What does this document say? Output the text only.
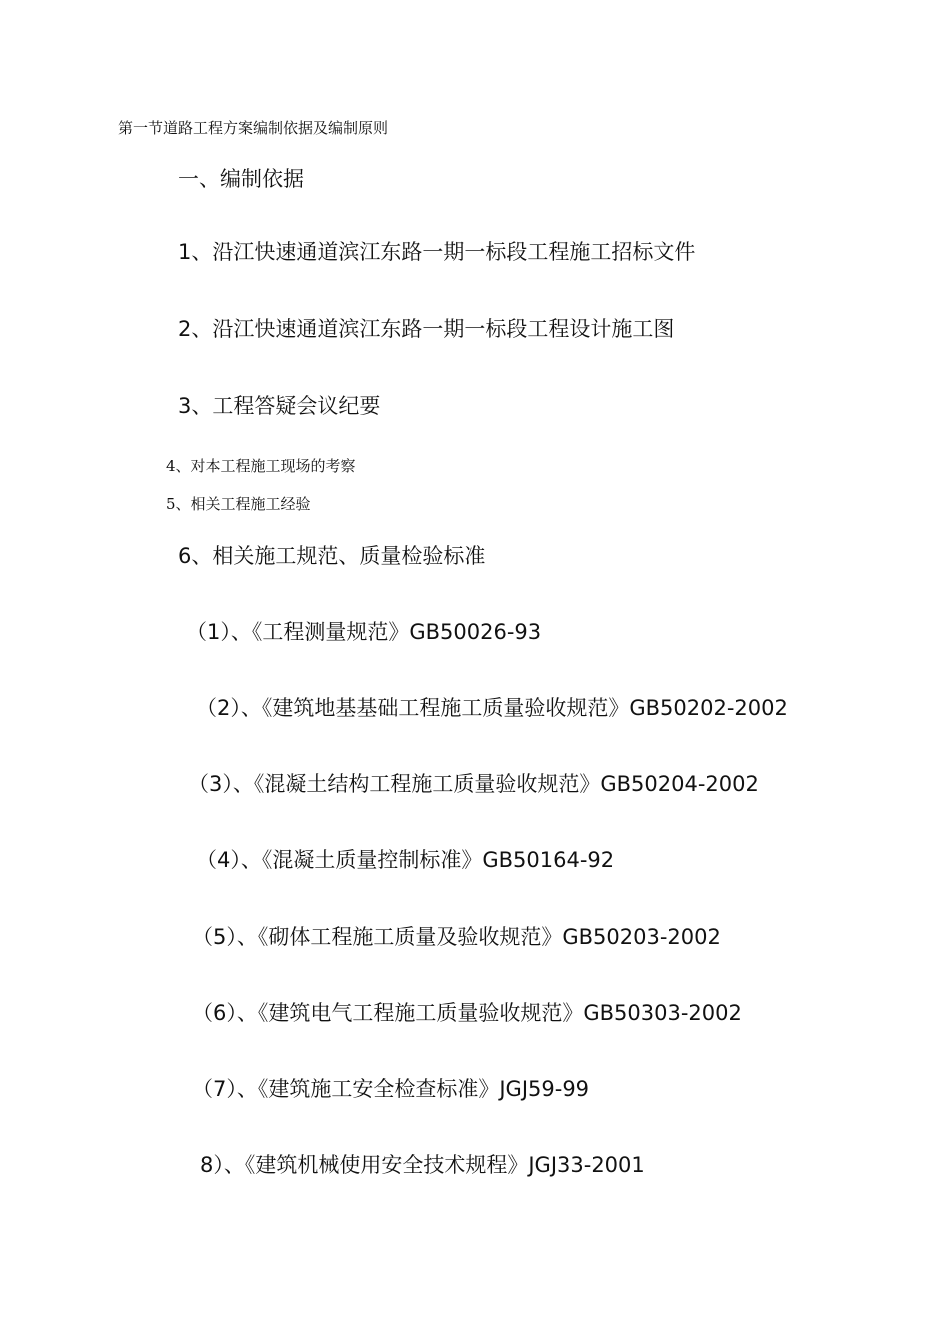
第一节道路工程方案编制依据及编制原则
一、编制依据
1、沿江快速通道滨江东路一期一标段工程施工招标文件
2、沿江快速通道滨江东路一期一标段工程设计施工图
3、工程答疑会议纪要
4、对本工程施工现场的考察
5、相关工程施工经验
6、相关施工规范、质量检验标准
（1）、《工程测量规范》GB50026-93
（2）、《建筑地基基础工程施工质量验收规范》GB50202-2002
（3）、《混凝土结构工程施工质量验收规范》GB50204-2002
（4）、《混凝土质量控制标准》GB50164-92
（5）、《砌体工程施工质量及验收规范》GB50203-2002
（6）、《建筑电气工程施工质量验收规范》GB50303-2002
（7）、《建筑施工安全检查标准》JGJ59-99
8）、《建筑机械使用安全技术规程》JGJ33-2001
